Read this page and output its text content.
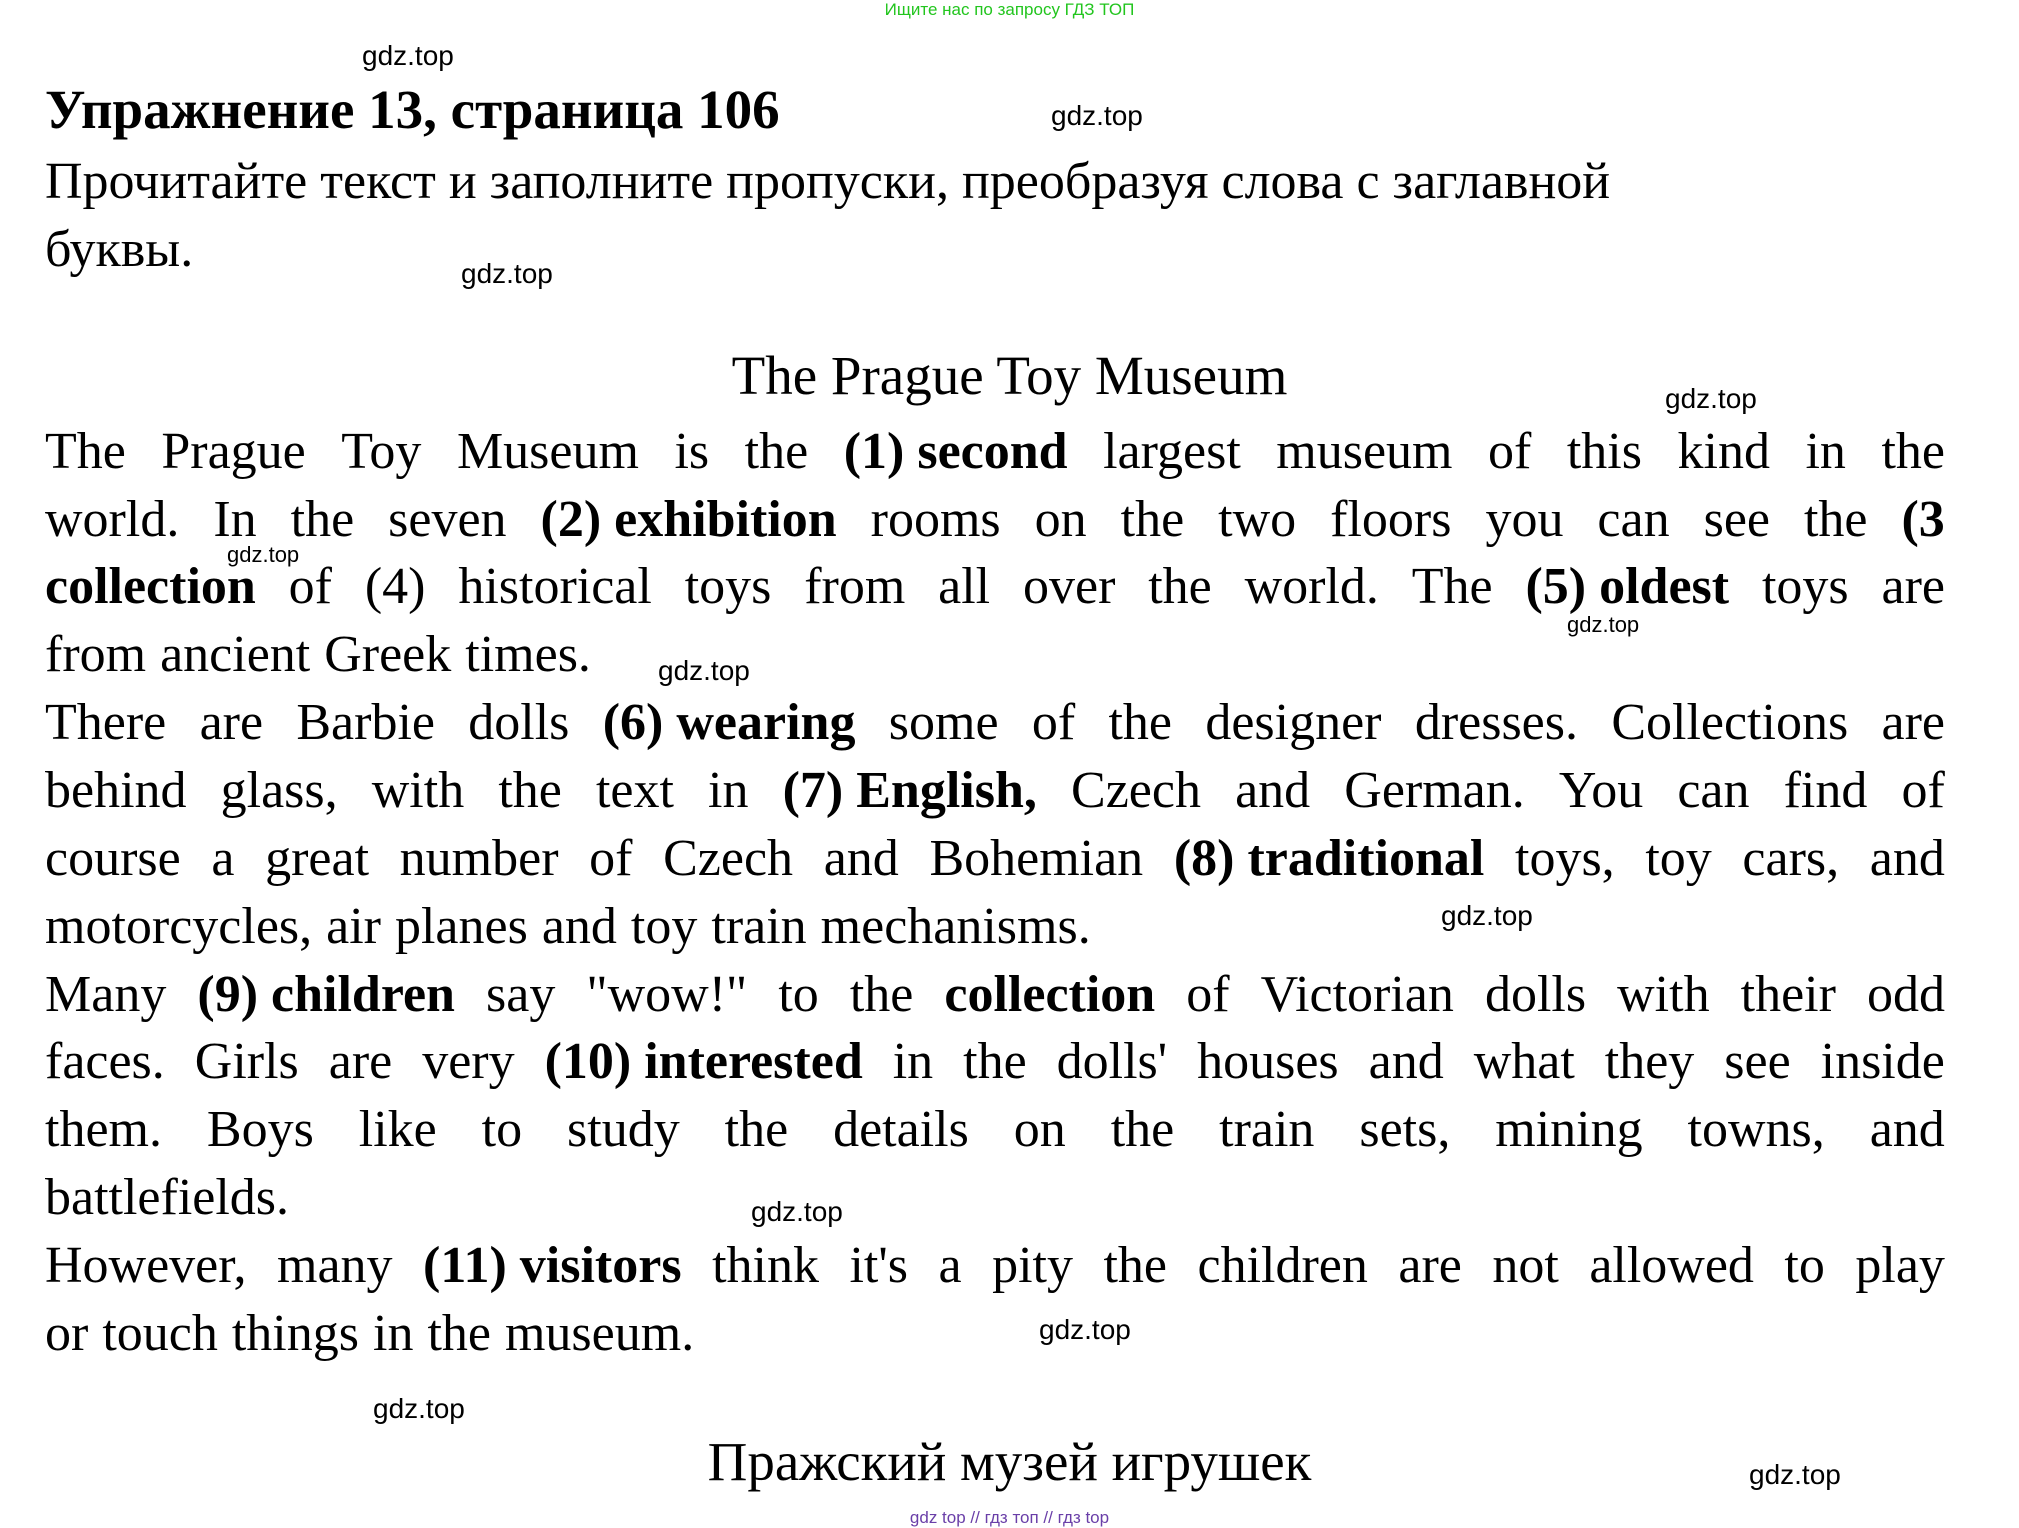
Ищите нас по запросу ГДЗ ТОП
Упражнение 13, страница 106
Прочитайте текст и заполните пропуски, преобразуя слова с заглавной
буквы.
The Prague Toy Museum
The Prague Toy Museum is the (1) second largest museum of this kind in the
world. In the seven (2) exhibition rooms on the two floors you can see the (3
collection of (4) historical toys from all over the world. The (5) oldest toys are
from ancient Greek times.
There are Barbie dolls (6) wearing some of the designer dresses. Collections are
behind glass, with the text in (7) English, Czech and German. You can find of
course a great number of Czech and Bohemian (8) traditional toys, toy cars, and
motorcycles, air planes and toy train mechanisms.
Many (9) children say "wow!" to the collection of Victorian dolls with their odd
faces. Girls are very (10) interested in the dolls' houses and what they see inside
them. Boys like to study the details on the train sets, mining towns, and
battlefields.
However, many (11) visitors think it's a pity the children are not allowed to play
or touch things in the museum.
Пражский музей игрушек
gdz top // гдз топ // гдз top
gdz.top
gdz.top
gdz.top
gdz.top
gdz.top
gdz.top
gdz.top
gdz.top
gdz.top
gdz.top
gdz.top
gdz.top
